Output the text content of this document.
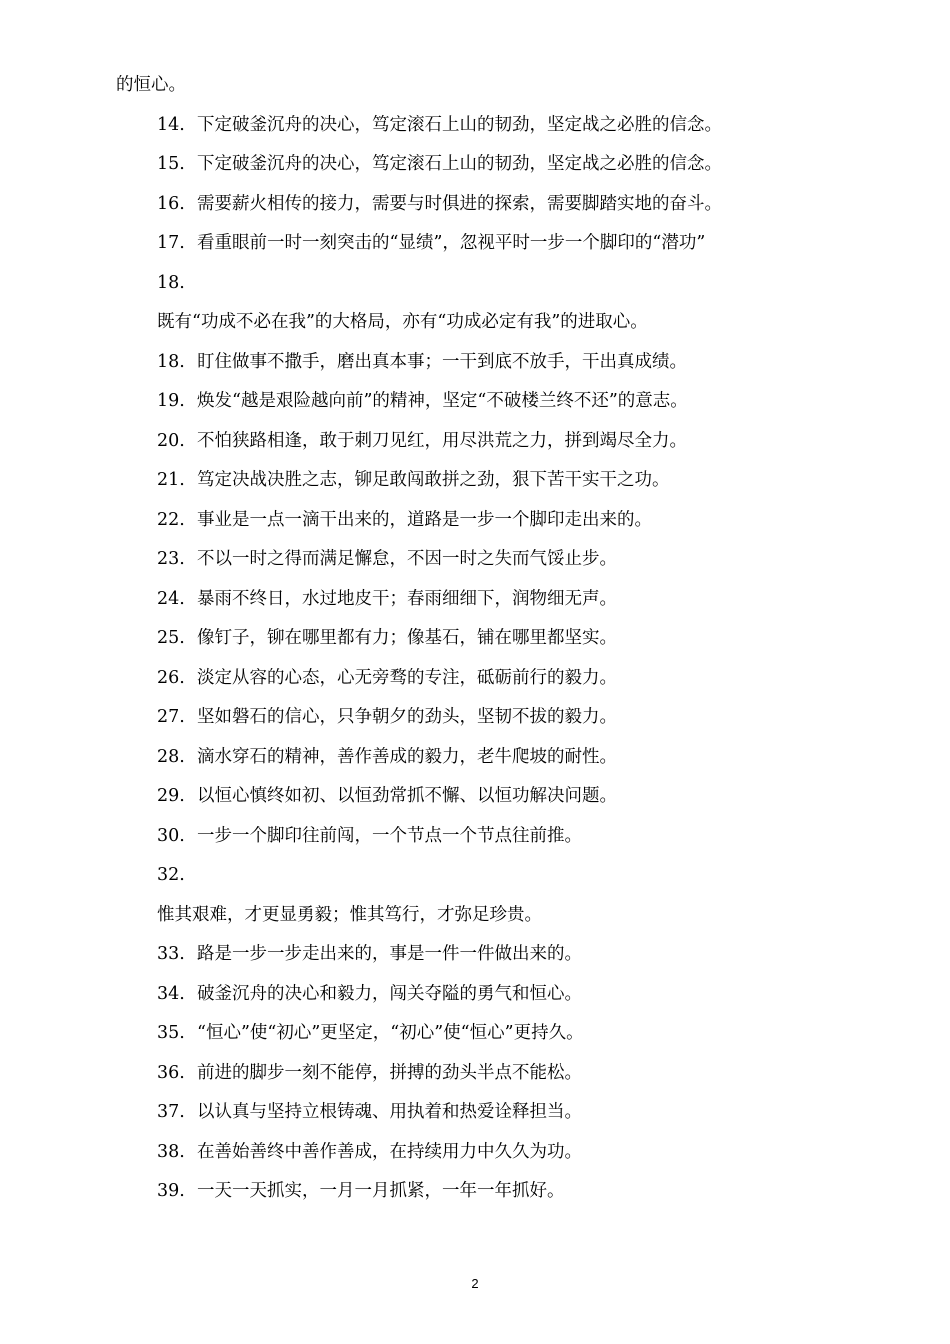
的恒心。
14. 下定破釜沉舟的决心，笃定滚石上山的韧劲，坚定战之必胜的信念。
15. 下定破釜沉舟的决心，笃定滚石上山的韧劲，坚定战之必胜的信念。
16. 需要薪火相传的接力，需要与时俱进的探索，需要脚踏实地的奋斗。
17. 看重眼前一时一刻突击的“显绩”，忽视平时一步一个脚印的“潜功”
18.
既有“功成不必在我”的大格局，亦有“功成必定有我”的进取心。
18. 盯住做事不撒手，磨出真本事；一干到底不放手，干出真成绩。
19. 焕发“越是艰险越向前”的精神，坚定“不破楼兰终不还”的意志。
20. 不怕狭路相逢，敢于刺刀见红，用尽洪荒之力，拼到竭尽全力。
21. 笃定决战决胜之志，铆足敢闯敢拼之劲，狠下苦干实干之功。
22. 事业是一点一滴干出来的，道路是一步一个脚印走出来的。
23. 不以一时之得而满足懈怠，不因一时之失而气馁止步。
24. 暴雨不终日，水过地皮干；春雨细细下，润物细无声。
25. 像钉子，铆在哪里都有力；像基石，铺在哪里都坚实。
26. 淡定从容的心态，心无旁骛的专注，砥砺前行的毅力。
27. 坚如磐石的信心，只争朝夕的劲头，坚韧不拔的毅力。
28. 滴水穿石的精神，善作善成的毅力，老牛爬坡的耐性。
29. 以恒心慎终如初、以恒劲常抓不懈、以恒功解决问题。
30. 一步一个脚印往前闯，一个节点一个节点往前推。
32.
惟其艰难，才更显勇毅；惟其笃行，才弥足珍贵。
33. 路是一步一步走出来的，事是一件一件做出来的。
34. 破釜沉舟的决心和毅力，闯关夺隘的勇气和恒心。
35. “恒心”使“初心”更坚定，“初心”使“恒心”更持久。
36. 前进的脚步一刻不能停，拼搏的劲头半点不能松。
37. 以认真与坚持立根铸魂、用执着和热爱诠释担当。
38. 在善始善终中善作善成，在持续用力中久久为功。
39. 一天一天抓实，一月一月抓紧，一年一年抓好。
2
